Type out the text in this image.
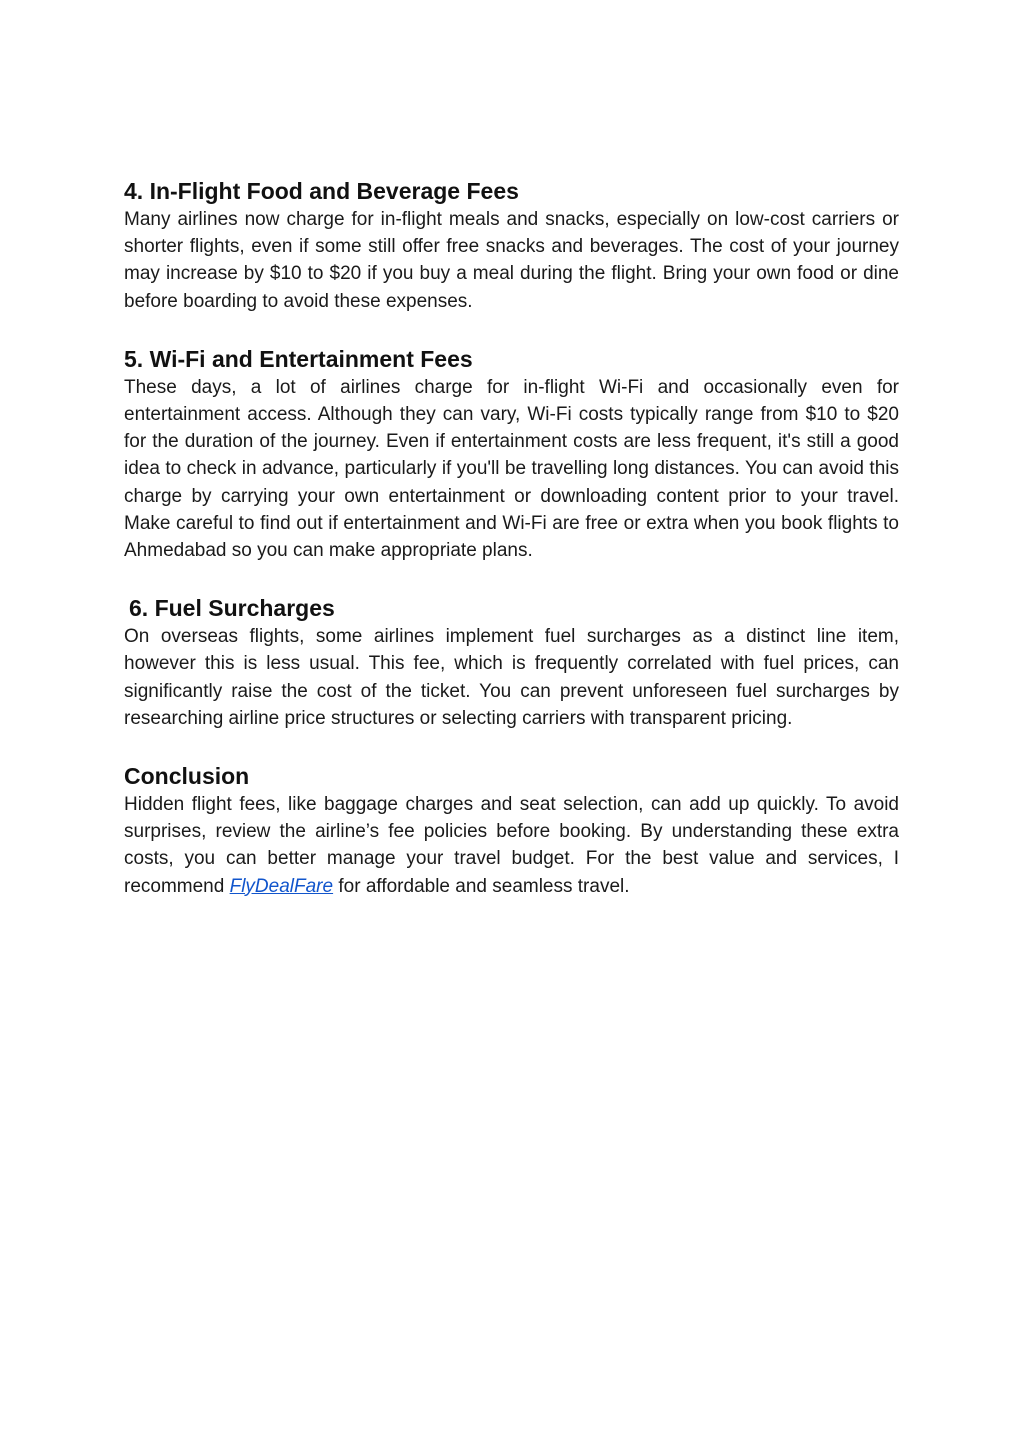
4. In-Flight Food and Beverage Fees

Many airlines now charge for in-flight meals and snacks, especially on low-cost carriers or shorter flights, even if some still offer free snacks and beverages. The cost of your journey may increase by $10 to $20 if you buy a meal during the flight. Bring your own food or dine before boarding to avoid these expenses.

5. Wi-Fi and Entertainment Fees

These days, a lot of airlines charge for in-flight Wi-Fi and occasionally even for entertainment access. Although they can vary, Wi-Fi costs typically range from $10 to $20 for the duration of the journey. Even if entertainment costs are less frequent, it's still a good idea to check in advance, particularly if you'll be travelling long distances. You can avoid this charge by carrying your own entertainment or downloading content prior to your travel. Make careful to find out if entertainment and Wi-Fi are free or extra when you book flights to Ahmedabad so you can make appropriate plans.

6. Fuel Surcharges

On overseas flights, some airlines implement fuel surcharges as a distinct line item, however this is less usual. This fee, which is frequently correlated with fuel prices, can significantly raise the cost of the ticket. You can prevent unforeseen fuel surcharges by researching airline price structures or selecting carriers with transparent pricing.

Conclusion

Hidden flight fees, like baggage charges and seat selection, can add up quickly. To avoid surprises, review the airline’s fee policies before booking. By understanding these extra costs, you can better manage your travel budget. For the best value and services, I recommend FlyDealFare for affordable and seamless travel.
